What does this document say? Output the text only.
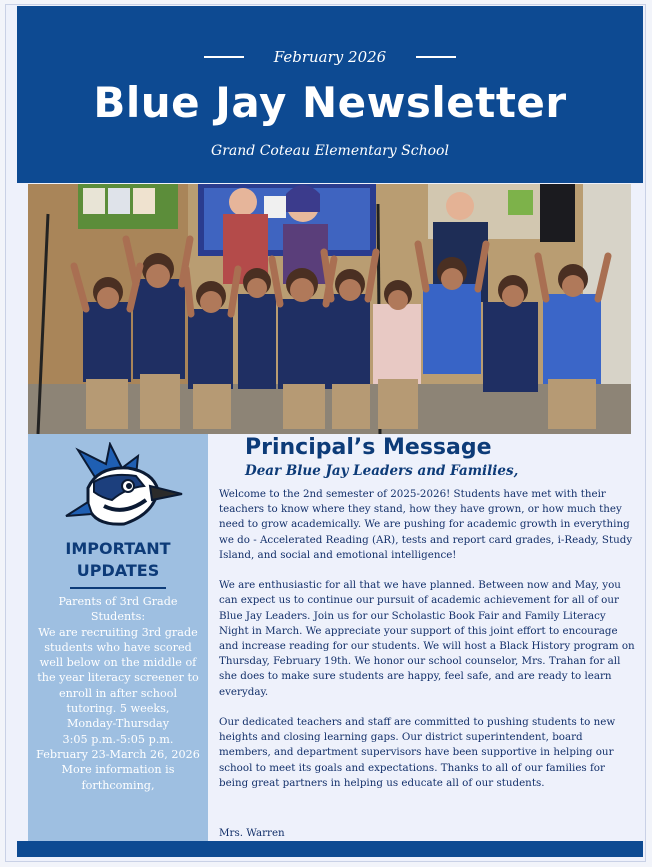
February 2026
Blue Jay Newsletter
Grand Coteau Elementary School
IMPORTANT
UPDATES
Parents of 3rd Grade
Students:
We are recruiting 3rd grade
students who have scored
well below on the middle of
the year literacy screener to
enroll in after school
tutoring. 5 weeks,
Monday-Thursday
3:05 p.m.-5:05 p.m.
February 23-March 26, 2026
More information is
forthcoming,
Principal’s Message
Dear Blue Jay Leaders and Families,

Welcome to the 2nd semester of 2025-2026! Students have met with their teachers to know where they stand, how they have grown, or how much they need to grow academically. We are pushing for academic growth in everything we do - Accelerated Reading (AR), tests and report card grades, i-Ready, Study Island, and social and emotional intelligence!

We are enthusiastic for all that we have planned. Between now and May, you can expect us to continue our pursuit of academic achievement for all of our Blue Jay Leaders. Join us for our Scholastic Book Fair and Family Literacy Night in March. We appreciate your support of this joint effort to encourage and increase reading for our students. We will host a Black History program on Thursday, February 19th. We honor our school counselor, Mrs. Trahan for all she does to make sure students are happy, feel safe, and are ready to learn everyday.

Our dedicated teachers and staff are committed to pushing students to new heights and closing learning gaps. Our district superintendent, board members, and department supervisors have been supportive in helping our school to meet its goals and expectations. Thanks to all of our families for being great partners in helping us educate all of our students.

Mrs. Warren
